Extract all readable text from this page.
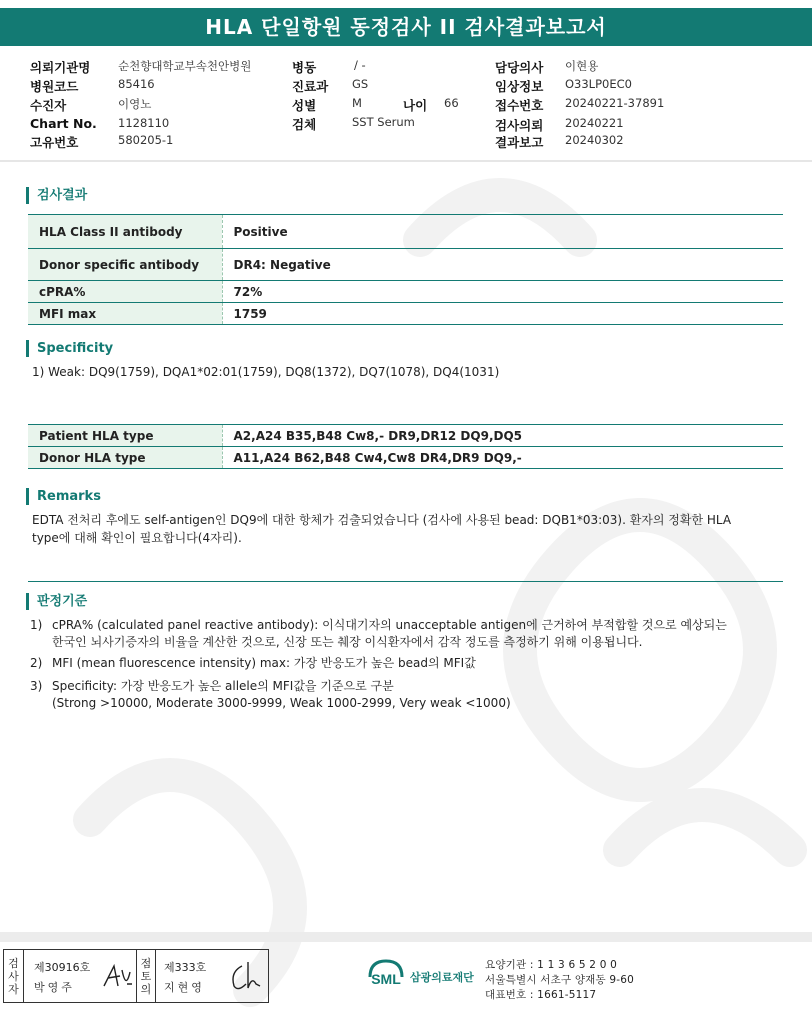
HLA 단일항원 동정검사 II 검사결과보고서
의뢰기관명 순천향대학교부속천안병원
병원코드	85416
수진자	이영노
Chart No. 1128110
고유번호	580205-1
병동	/ -
진료과 GS
성별	M	나이 66
검체	SST Serum
담당의사 이현용
임상정보 O33LP0EC0
접수번호 20240221-37891
검사의뢰 20240221
결과보고 20240302
검사결과
HLA Class II antibody	Positive
Donor specific antibody	DR4: Negative
cPRA%	72%
MFI max	1759
Specificity
1) Weak: DQ9(1759), DQA1*02:01(1759), DQ8(1372), DQ7(1078), DQ4(1031)
Patient HLA type	A2,A24 B35,B48 Cw8,- DR9,DR12 DQ9,DQ5
Donor HLA type	A11,A24 B62,B48 Cw4,Cw8 DR4,DR9 DQ9,-
Remarks
EDTA 전처리 후에도 self-antigen인 DQ9에 대한 항체가 검출되었습니다 (검사에 사용된 bead: DQB1*03:03). 환자의 정확한 HLA
type에 대해 확인이 필요합니다(4자리).
판정기준
1) cPRA% (calculated panel reactive antibody): 이식대기자의 unacceptable antigen에 근거하여 부적합할 것으로 예상되는
한국인 뇌사기증자의 비율을 계산한 것으로, 신장 또는 췌장 이식환자에서 감작 정도를 측정하기 위해 이용됩니다.
2) MFI (mean fluorescence intensity) max: 가장 반응도가 높은 bead의 MFI값
3) Specificity: 가장 반응도가 높은 allele의 MFI값을 기준으로 구분
(Strong >10000, Moderate 3000-9999, Weak 1000-2999, Very weak <1000)
검
사
자
제30916호
박영주
점
토
의
제333호
지현영
SML 삼광의료재단
요양기관 : 1 1 3 6 5 2 0 0
서울특별시 서초구 양재동 9-60
대표번호 : 1661-5117
